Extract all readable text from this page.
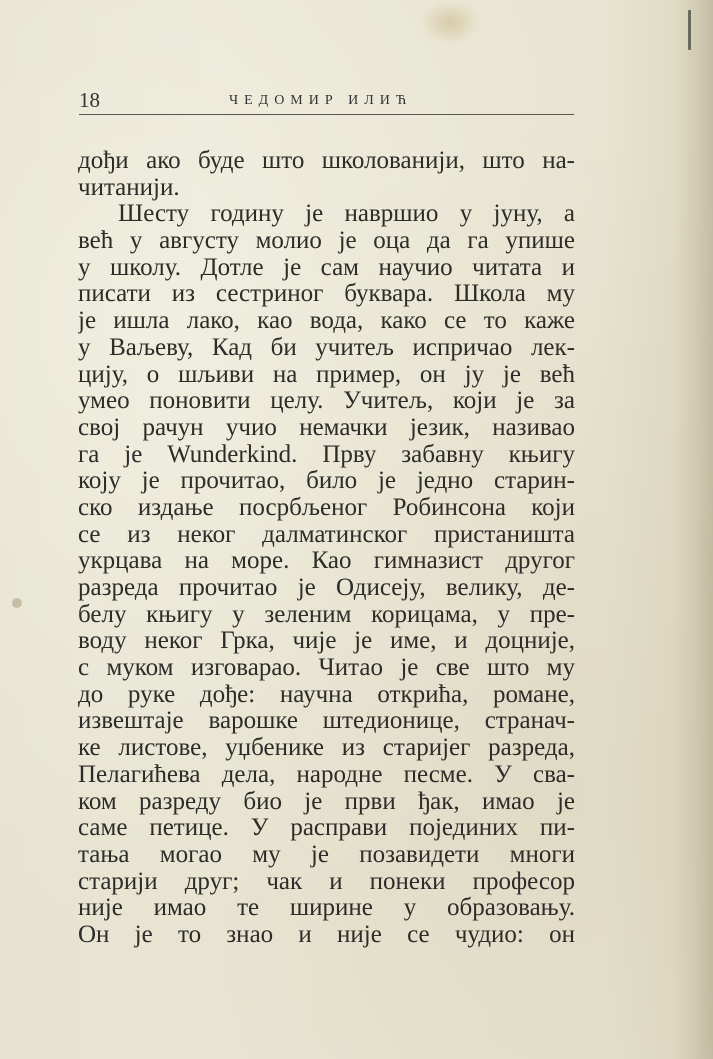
18	ЧЕДОМИР ИЛИЋ
дођи ако буде што школованији, што на-
читанији.
Шесту годину је навршио у јуну, а
већ у августу молио је оца да га упише
у школу. Дотле је сам научио читата и
писати из сестриног буквара. Школа му
је ишла лако, као вода, како се то каже
у Ваљеву, Кад би учитељ испричао лек-
цију, о шљиви на пример, он ју је већ
умео поновити целу. Учитељ, који је за
свој рачун учио немачки језик, називао
га је Wunderkind. Прву забавну књигу
коју је прочитао, било је једно старин-
ско издање посрбљеног Робинсона који
се из неког далматинског пристаништа
укрцава на море. Као гимназист другог
разреда прочитао је Одисеју, велику, де-
белу књигу у зеленим корицама, у пре-
воду неког Грка, чије је име, и доцније,
с муком изговарао. Читао је све што му
до руке дође: научна открића, романе,
извештаје варошке штедионице, странач-
ке листове, уџбенике из старијег разреда,
Пелагићева дела, народне песме. У сва-
ком разреду био је први ђак, имао је
саме петице. У расправи појединих пи-
тања могао му је позавидети многи
старији друг; чак и понеки професор
није имао те ширине у образовању.
Он је то знао и није се чудио: он
